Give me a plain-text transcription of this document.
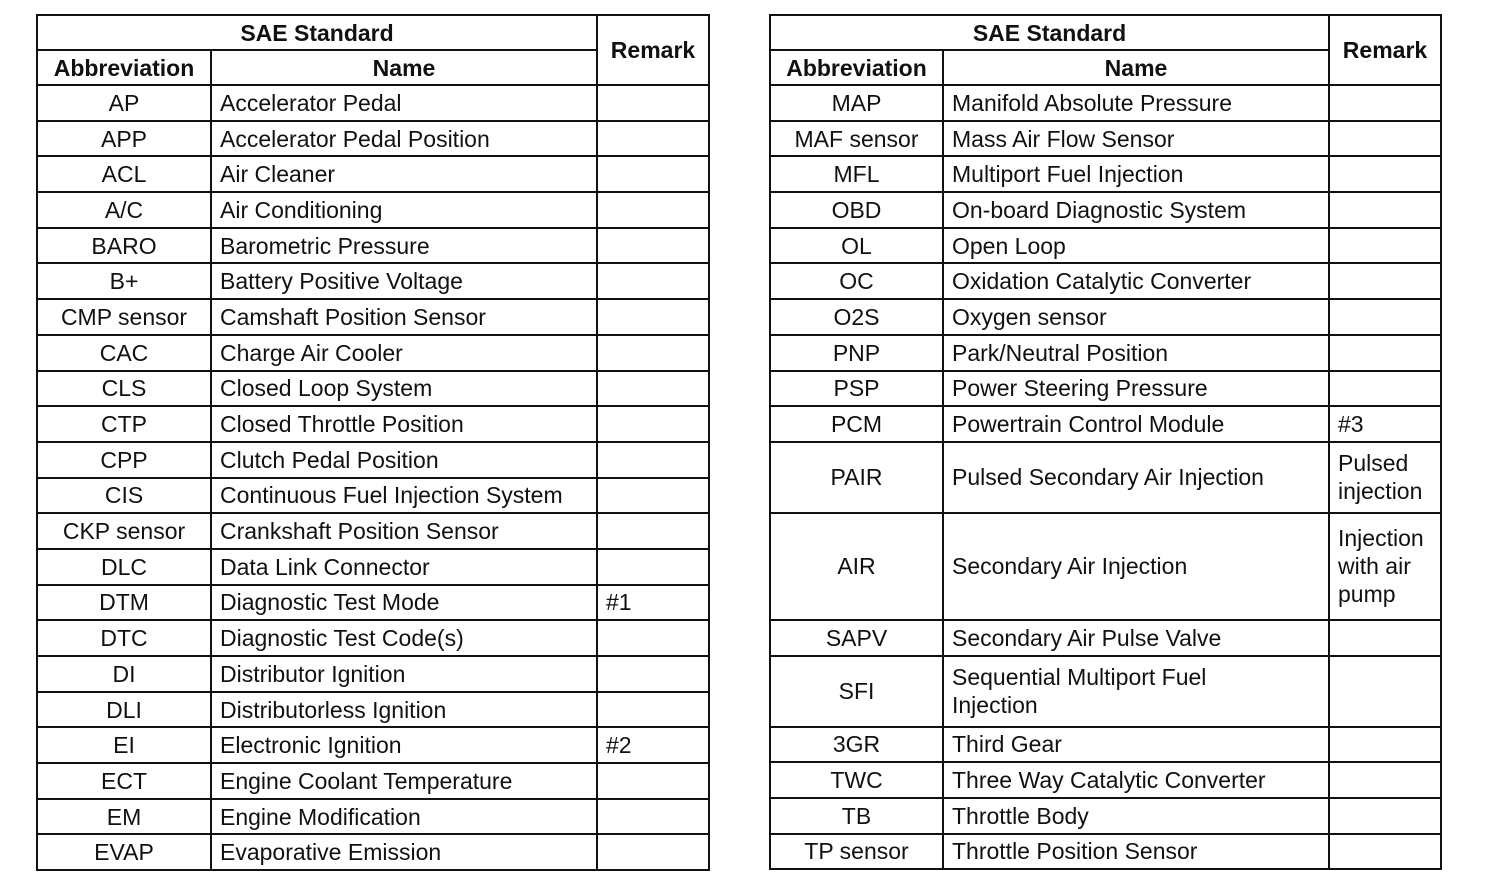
SAE Standard		Remark
Abbreviation	Name	
AP	Accelerator Pedal	

APP	Accelerator Pedal Position	

ACL	Air Cleaner	

A/C	Air Conditioning	

BARO	Barometric Pressure	

B+	Battery Positive Voltage	

CMP sensor	Camshaft Position Sensor	

CAC	Charge Air Cooler	

CLS	Closed Loop System	

CTP	Closed Throttle Position	

CPP	Clutch Pedal Position	

CIS	Continuous Fuel Injection System	

CKP sensor	Crankshaft Position Sensor	

DLC	Data Link Connector	

DTM	Diagnostic Test Mode	#1

DTC	Diagnostic Test Code(s)	

DI	Distributor Ignition	

DLI	Distributorless Ignition	

EI	Electronic Ignition	#2

ECT	Engine Coolant Temperature	

EM	Engine Modification	

EVAP	Evaporative Emission	

SAE Standard		Remark
Abbreviation	Name	
MAP	Manifold Absolute Pressure	

MAF sensor	Mass Air Flow Sensor	

MFL	Multiport Fuel Injection	

OBD	On-board Diagnostic System	

OL	Open Loop	

OC	Oxidation Catalytic Converter	

O2S	Oxygen sensor	

PNP	Park/Neutral Position	

PSP	Power Steering Pressure	

PCM	Powertrain Control Module	#3

PAIR	Pulsed Secondary Air Injection	Pulsed
injection

AIR	Secondary Air Injection	Injection
with air
pump

SAPV	Secondary Air Pulse Valve	

SFI	Sequential Multiport Fuel
Injection	

3GR	Third Gear	

TWC	Three Way Catalytic Converter	

TB	Throttle Body	

TP sensor	Throttle Position Sensor	
